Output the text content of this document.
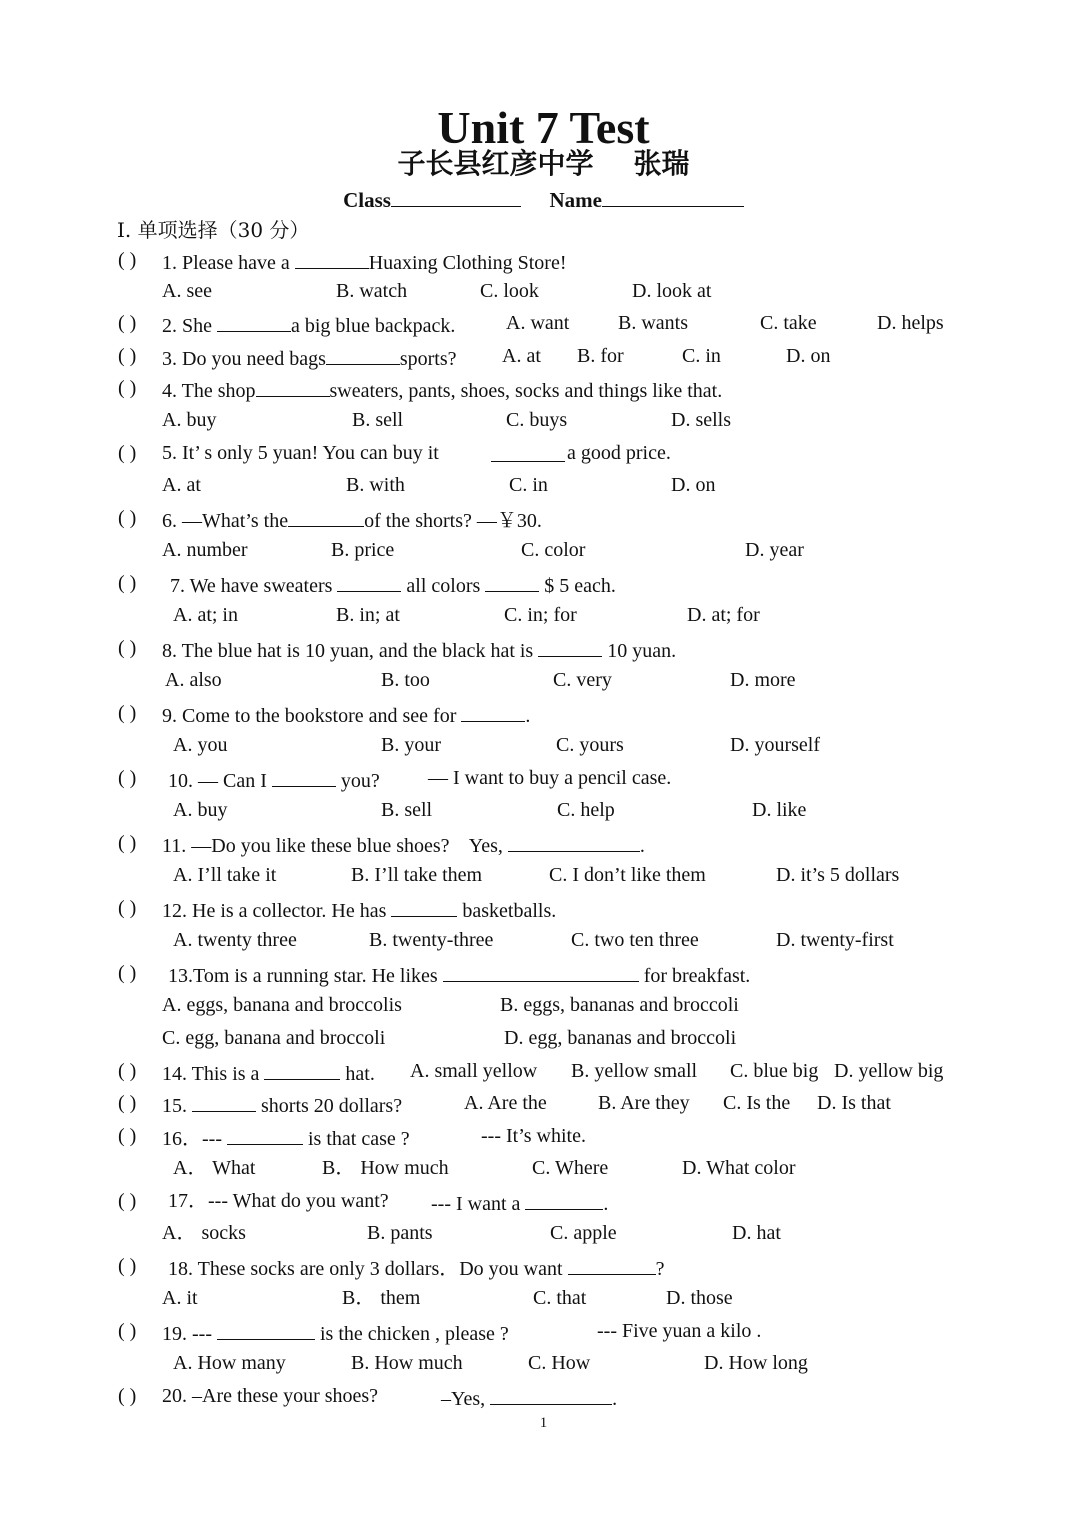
Unit 7 Test
子长县红彦中学 张瑞
Class	Name
I. 单项选择（30 分）
( ) 1. Please have a	Huaxing Clothing Store!
A. see	B. watch	C. look	D. look at
( ) 2. She	a big blue backpack.	A. want B. wants	C. take	D. helps
( ) 3. Do you need bags	sports? A. at B. for	C. in	D. on
( ) 4. The shop	sweaters, pants, shoes, socks and things like that.
A. buy	B. sell	C. buys	D. sells
( ) 5. It’ s only 5 yuan! You can buy it	a good price.
A. at	B. with	C. in	D. on
( ) 6. —What’s the	of the shorts? —￥30.
A. number	B. price	C. color	D. year
( ) 7. We have sweaters	all colors	$ 5 each.
A. at; in	B. in; at	C. in; for	D. at; for
( ) 8. The blue hat is 10 yuan, and the black hat is	10 yuan.
A. also	B. too	C. very	D. more
( ) 9. Come to the bookstore and see for	.
A. you	B. your	C. yours	D. yourself
( ) 10. — Can I	you? — I want to buy a pencil case.
A. buy	B. sell	C. help	D. like
( ) 11. —Do you like these blue shoes?    Yes,	.
A. I’ll take it	B. I’ll take them	C. I don’t like them	D. it’s 5 dollars
( ) 12. He is a collector. He has	basketballs.
A. twenty three	B. twenty-three	C. two ten three	D. twenty-first
( ) 13.Tom is a running star. He likes	for breakfast.
A. eggs, banana and broccolis	B. eggs, bananas and broccoli
C. egg, banana and broccoli	D. egg, bananas and broccoli
( ) 14. This is a	hat. A. small yellow B. yellow small C. blue big D. yellow big
( ) 15.	shorts 20 dollars?	A. Are the	B. Are they C. Is the D. Is that
( ) 16．---	is that case ?	--- It’s white.
A． What	B． How much	C. Where	D. What color
( ) 17．--- What do you want? --- I want a	.
A． socks	B. pants	C. apple	D. hat
( ) 18. These socks are only 3 dollars．Do you want	?
A. it	B． them	C. that	D. those
( ) 19. ---	is the chicken , please ?	--- Five yuan a kilo .
A. How many	B. How much	C. How	D. How long
( ) 20. –Are these your shoes?	–Yes,	.
1
